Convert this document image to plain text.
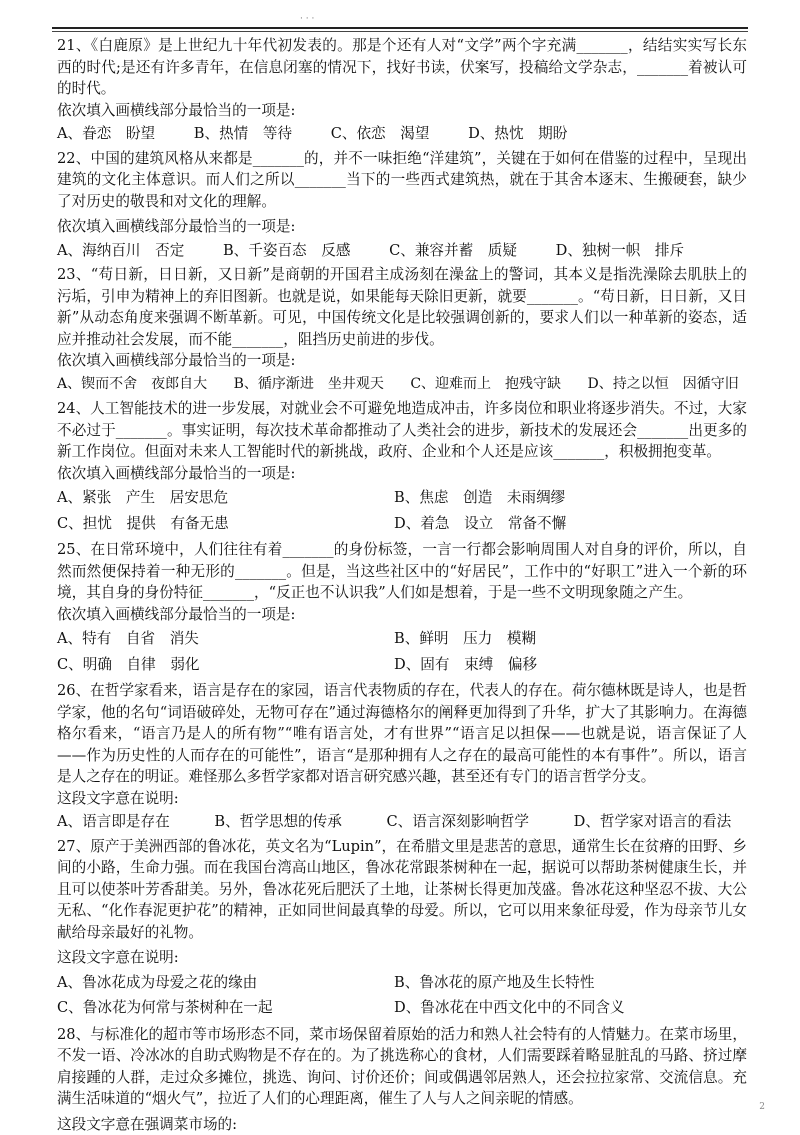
· · ·

21、《白鹿原》是上世纪九十年代初发表的。那是个还有人对“文学”两个字充满_______，结结实实写长东西的时代;是还有许多青年，在信息闭塞的情况下，找好书读，伏案写，投稿给文学杂志，_______着被认可的时代。

依次填入画横线部分最恰当的一项是:

A、眷恋　盼望	B、热情　等待	C、依恋　渴望	D、热忱　期盼

22、中国的建筑风格从来都是_______的，并不一味拒绝“洋建筑”，关键在于如何在借鉴的过程中，呈现出建筑的文化主体意识。而人们之所以_______当下的一些西式建筑热，就在于其舍本逐末、生搬硬套，缺少了对历史的敬畏和对文化的理解。

依次填入画横线部分最恰当的一项是:

A、海纳百川　否定	B、千姿百态　反感	C、兼容并蓄　质疑	D、独树一帜　排斥

23、“苟日新，日日新，又日新”是商朝的开国君主成汤刻在澡盆上的警词，其本义是指洗澡除去肌肤上的污垢，引申为精神上的弃旧图新。也就是说，如果能每天除旧更新，就要_______。“苟日新，日日新，又日新”从动态角度来强调不断革新。可见，中国传统文化是比较强调创新的，要求人们以一种革新的姿态，适应并推动社会发展，而不能_______，阻挡历史前进的步伐。

依次填入画横线部分最恰当的一项是:

A、锲而不舍　夜郎自大 B、循序渐进　坐井观天 C、迎难而上　抱残守缺 D、持之以恒　因循守旧

24、人工智能技术的进一步发展，对就业会不可避免地造成冲击，许多岗位和职业将逐步消失。不过，大家不必过于_______。事实证明，每次技术革命都推动了人类社会的进步，新技术的发展还会_______出更多的新工作岗位。但面对未来人工智能时代的新挑战，政府、企业和个人还是应该_______，积极拥抱变革。

依次填入画横线部分最恰当的一项是:

A、紧张　产生　居安思危	B、焦虑　创造　未雨绸缪
C、担忧　提供　有备无患	D、着急　设立　常备不懈

25、在日常环境中，人们往往有着_______的身份标签，一言一行都会影响周围人对自身的评价，所以，自然而然便保持着一种无形的_______。但是，当这些社区中的“好居民”，工作中的“好职工”进入一个新的环境，其自身的身份特征_______，“反正也不认识我”人们如是想着，于是一些不文明现象随之产生。

依次填入画横线部分最恰当的一项是:

A、特有　自省　消失	B、鲜明　压力　模糊
C、明确　自律　弱化	D、固有　束缚　偏移

26、在哲学家看来，语言是存在的家园，语言代表物质的存在，代表人的存在。荷尔德林既是诗人，也是哲学家，他的名句“词语破碎处，无物可存在”通过海德格尔的阐释更加得到了升华，扩大了其影响力。在海德格尔看来，“语言乃是人的所有物”“唯有语言处，才有世界”“语言足以担保——也就是说，语言保证了人——作为历史性的人而存在的可能性”，语言“是那种拥有人之存在的最高可能性的本有事件”。所以，语言是人之存在的明证。难怪那么多哲学家都对语言研究感兴趣，甚至还有专门的语言哲学分支。

这段文字意在说明:

A、语言即是存在	B、哲学思想的传承	C、语言深刻影响哲学	D、哲学家对语言的看法

27、原产于美洲西部的鲁冰花，英文名为“Lupin”，在希腊文里是悲苦的意思，通常生长在贫瘠的田野、乡间的小路，生命力强。而在我国台湾高山地区，鲁冰花常跟茶树种在一起，据说可以帮助茶树健康生长，并且可以使茶叶芳香甜美。另外，鲁冰花死后肥沃了土地，让茶树长得更加茂盛。鲁冰花这种坚忍不拔、大公无私、“化作春泥更护花”的精神，正如同世间最真挚的母爱。所以，它可以用来象征母爱，作为母亲节儿女献给母亲最好的礼物。

这段文字意在说明:

A、鲁冰花成为母爱之花的缘由	B、鲁冰花的原产地及生长特性
C、鲁冰花为何常与茶树种在一起	D、鲁冰花在中西文化中的不同含义

28、与标准化的超市等市场形态不同，菜市场保留着原始的活力和熟人社会特有的人情魅力。在菜市场里，不发一语、冷冰冰的自助式购物是不存在的。为了挑选称心的食材，人们需要踩着略显脏乱的马路、挤过摩肩接踵的人群，走过众多摊位，挑选、询问、讨价还价；间或偶遇邻居熟人，还会拉拉家常、交流信息。充满生活味道的“烟火气”，拉近了人们的心理距离，催生了人与人之间亲昵的情感。

这段文字意在强调菜市场的:

2
